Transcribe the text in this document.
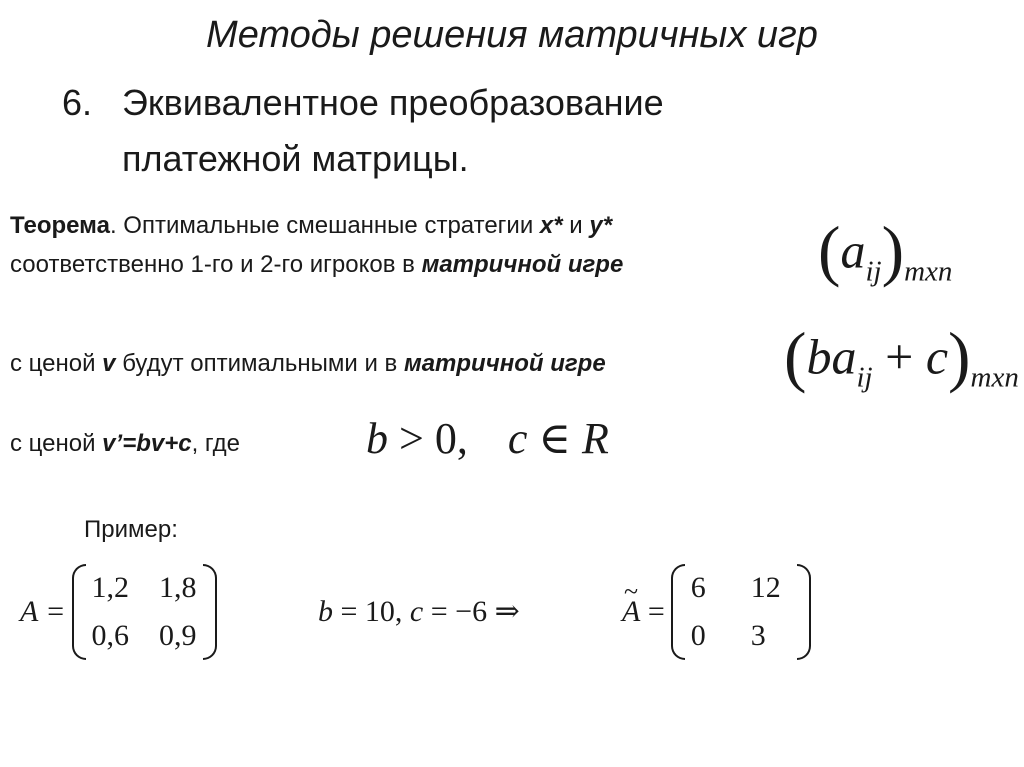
Методы решения матричных игр
6. Эквивалентное преобразование
платежной матрицы.
Теорема. Оптимальные смешанные стратегии x* и y*
соответственно 1-го и 2-го игроков в матричной игре	$(a_{ij})_{mxn}$
с ценой v будут оптимальными и в матричной игре	$(ba_{ij} + c)_{mxn}$
с ценой v’=bv+c, где	b > 0, c ∈ R
Пример:
A =
1,2 1,8
0,6 0,9
b = 10, c = −6 ⇒
~	A =
6	12
0	3
